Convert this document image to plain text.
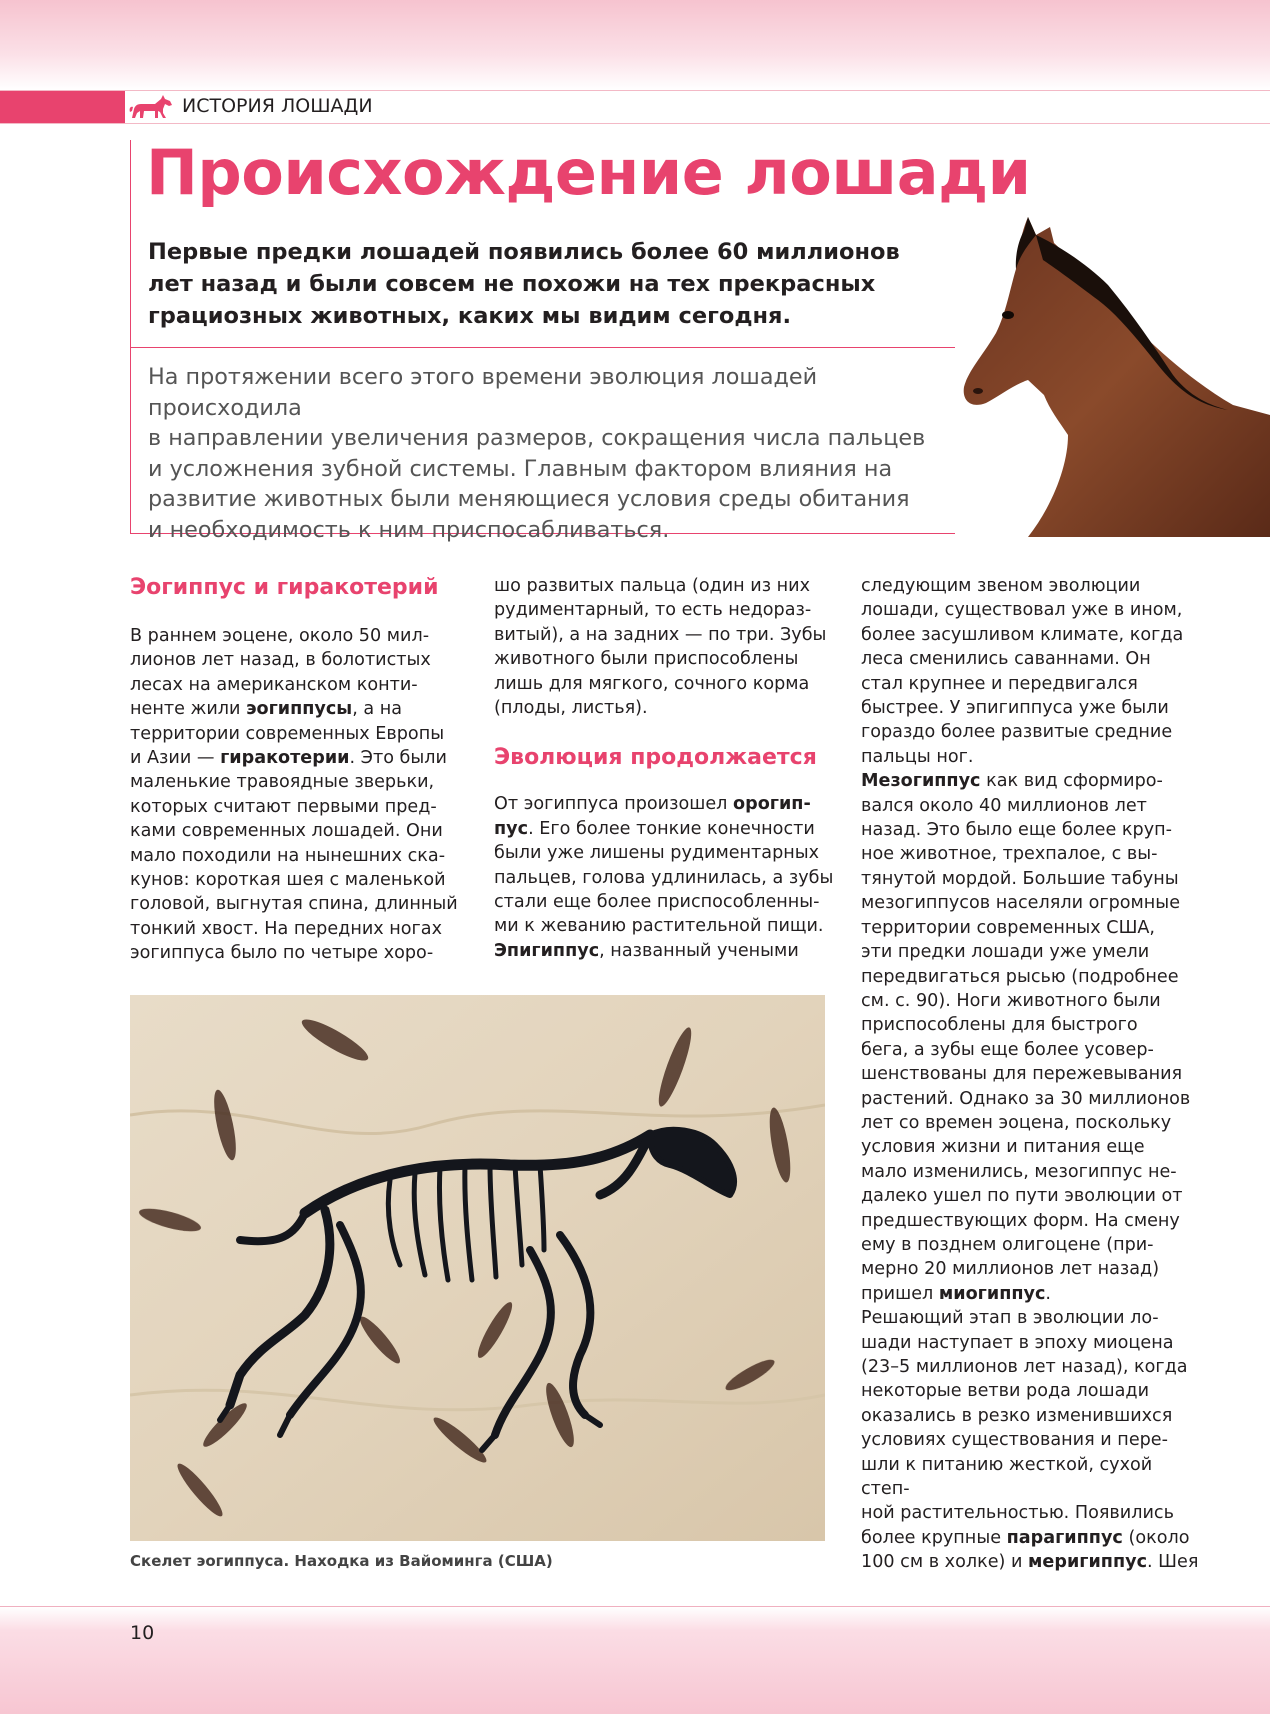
ИСТОРИЯ ЛОШАДИ
Происхождение лошади

Первые предки лошадей появились более 60 миллионов
лет назад и были совсем не похожи на тех прекрасных
грациозных животных, каких мы видим сегодня.

На протяжении всего этого времени эволюция лошадей происходила
в направлении увеличения размеров, сокращения числа пальцев
и усложнения зубной системы. Главным фактором влияния на
развитие животных были меняющиеся условия среды обитания
и необходимость к ним приспосабливаться.

Эогиппус и гиракотерий

В раннем эоцене, около 50 мил-
лионов лет назад, в болотистых
лесах на американском конти-
ненте жили эогиппусы, а на
территории современных Европы
и Азии — гиракотерии. Это были
маленькие травоядные зверьки,
которых считают первыми пред-
ками современных лошадей. Они
мало походили на нынешних ска-
кунов: короткая шея с маленькой
головой, выгнутая спина, длинный
тонкий хвост. На передних ногах
эогиппуса было по четыре хоро-

шо развитых пальца (один из них
рудиментарный, то есть недораз-
витый), а на задних — по три. Зубы
животного были приспособлены
лишь для мягкого, сочного корма
(плоды, листья).

Эволюция продолжается

От эогиппуса произошел орогип-
пус. Его более тонкие конечности
были уже лишены рудиментарных
пальцев, голова удлинилась, а зубы
стали еще более приспособленны-
ми к жеванию растительной пищи.
Эпигиппус, названный учеными

следующим звеном эволюции
лошади, существовал уже в ином,
более засушливом климате, когда
леса сменились саваннами. Он
стал крупнее и передвигался
быстрее. У эпигиппуса уже были
гораздо более развитые средние
пальцы ног.
Мезогиппус как вид сформиро-
вался около 40 миллионов лет
назад. Это было еще более круп-
ное животное, трехпалое, с вы-
тянутой мордой. Большие табуны
мезогиппусов населяли огромные
территории современных США,
эти предки лошади уже умели
передвигаться рысью (подробнее
см. с. 90). Ноги животного были
приспособлены для быстрого
бега, а зубы еще более усовер-
шенствованы для пережевывания
растений. Однако за 30 миллионов
лет со времен эоцена, поскольку
условия жизни и питания еще
мало изменились, мезогиппус не-
далеко ушел по пути эволюции от
предшествующих форм. На смену
ему в позднем олигоцене (при-
мерно 20 миллионов лет назад)
пришел миогиппус.
Решающий этап в эволюции ло-
шади наступает в эпоху миоцена
(23–5 миллионов лет назад), когда
некоторые ветви рода лошади
оказались в резко изменившихся
условиях существования и пере-
шли к питанию жесткой, сухой степ-
ной растительностью. Появились
более крупные парагиппус (около
100 см в холке) и меригиппус. Шея

Скелет эогиппуса. Находка из Вайоминга (США)
10
